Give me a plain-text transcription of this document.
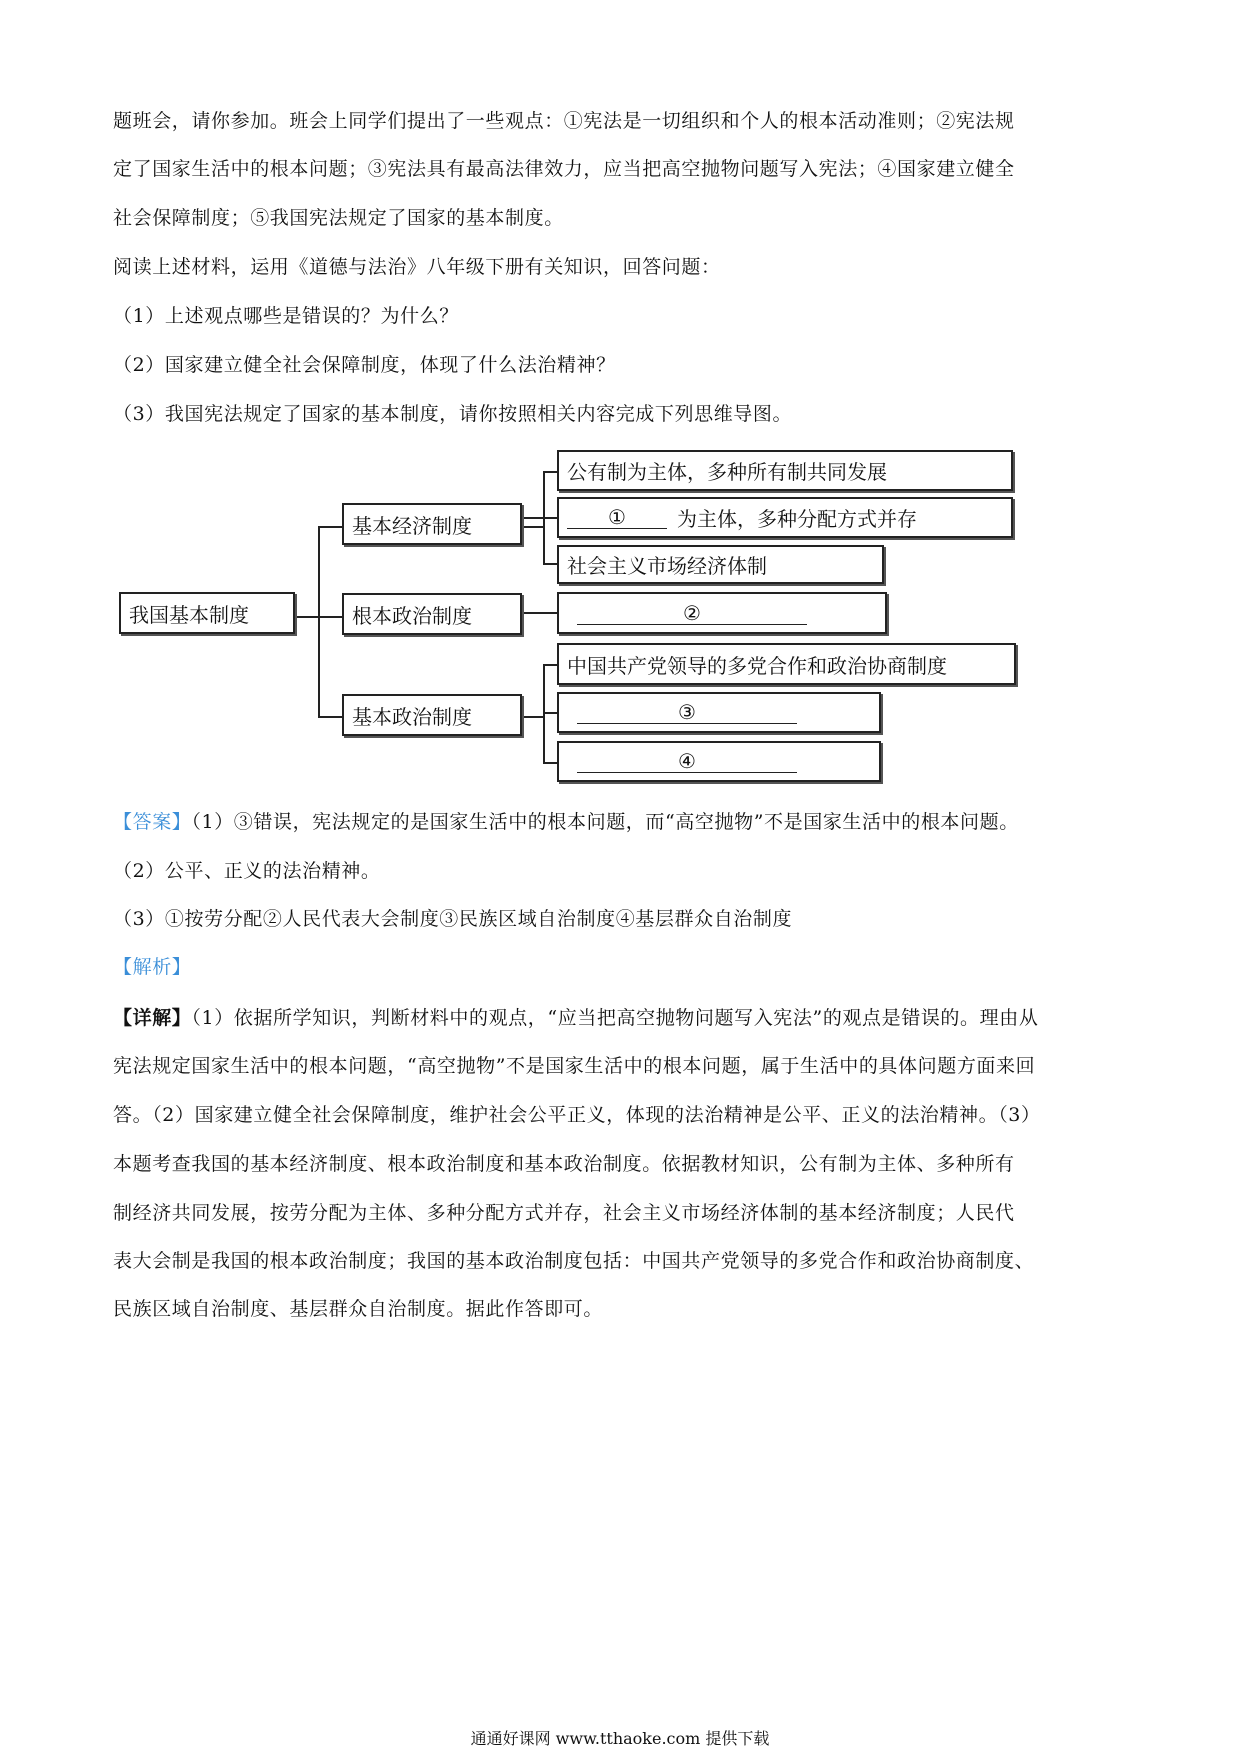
题班会，请你参加。班会上同学们提出了一些观点：①宪法是一切组织和个人的根本活动准则；②宪法规
定了国家生活中的根本问题；③宪法具有最高法律效力，应当把高空抛物问题写入宪法；④国家建立健全
社会保障制度；⑤我国宪法规定了国家的基本制度。
阅读上述材料，运用《道德与法治》八年级下册有关知识，回答问题：
（1）上述观点哪些是错误的？为什么？
（2）国家建立健全社会保障制度，体现了什么法治精神？
（3）我国宪法规定了国家的基本制度，请你按照相关内容完成下列思维导图。
我国基本制度
基本经济制度
根本政治制度
基本政治制度
公有制为主体，多种所有制共同发展
①	为主体，多种分配方式并存
社会主义市场经济体制
②
中国共产党领导的多党合作和政治协商制度
③
④
【答案】（1）③错误，宪法规定的是国家生活中的根本问题，而“高空抛物”不是国家生活中的根本问题。
（2）公平、正义的法治精神。
（3）①按劳分配②人民代表大会制度③民族区域自治制度④基层群众自治制度
【解析】
【详解】（1）依据所学知识，判断材料中的观点，“应当把高空抛物问题写入宪法”的观点是错误的。理由从
宪法规定国家生活中的根本问题，“高空抛物”不是国家生活中的根本问题，属于生活中的具体问题方面来回
答。（2）国家建立健全社会保障制度，维护社会公平正义，体现的法治精神是公平、正义的法治精神。（3）
本题考查我国的基本经济制度、根本政治制度和基本政治制度。依据教材知识，公有制为主体、多种所有
制经济共同发展，按劳分配为主体、多种分配方式并存，社会主义市场经济体制的基本经济制度；人民代
表大会制是我国的根本政治制度；我国的基本政治制度包括：中国共产党领导的多党合作和政治协商制度、
民族区域自治制度、基层群众自治制度。据此作答即可。
通通好课网 www.tthaoke.com 提供下载
